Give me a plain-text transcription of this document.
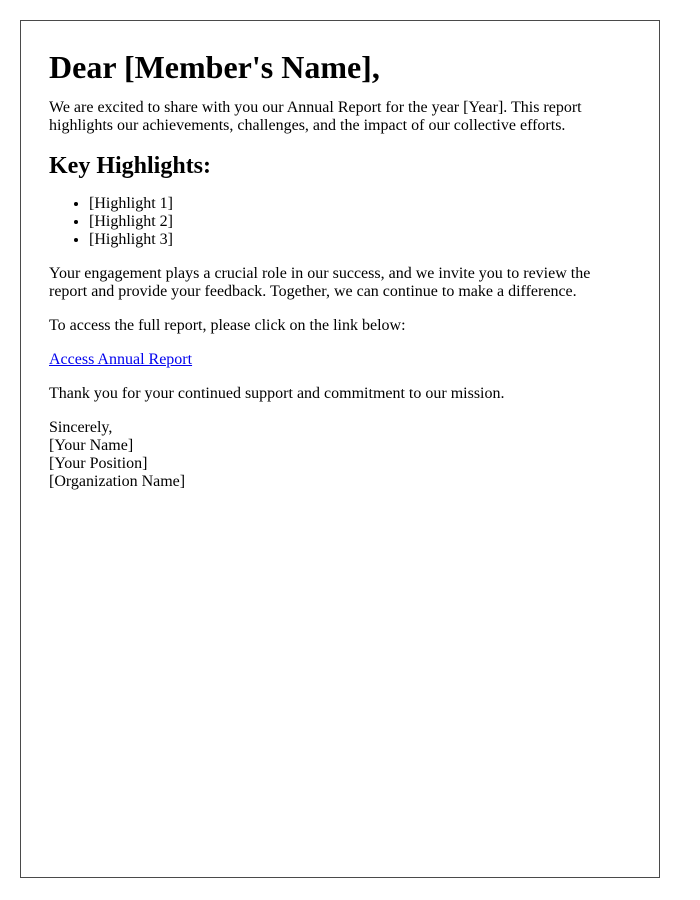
Dear [Member's Name],

We are excited to share with you our Annual Report for the year [Year]. This report highlights our achievements, challenges, and the impact of our collective efforts.

Key Highlights:
• [Highlight 1]
• [Highlight 2]
• [Highlight 3]

Your engagement plays a crucial role in our success, and we invite you to review the report and provide your feedback. Together, we can continue to make a difference.

To access the full report, please click on the link below:

Access Annual Report

Thank you for your continued support and commitment to our mission.

Sincerely,
[Your Name]
[Your Position]
[Organization Name]
